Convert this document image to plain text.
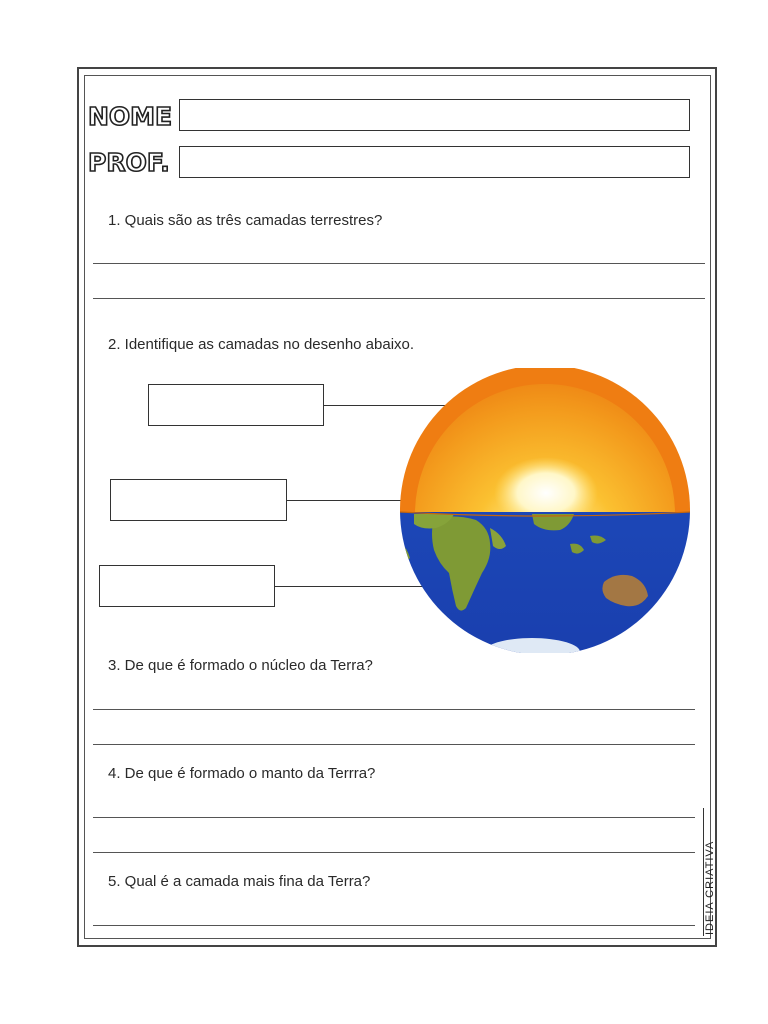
NOME
PROF.
1. Quais são as três camadas terrestres?
2. Identifique as camadas no desenho abaixo.
3. De que é formado o núcleo da Terra?
4. De que é formado o manto da Terrra?
5. Qual é a camada mais fina da Terra?	IDEIA CRIATIVA
